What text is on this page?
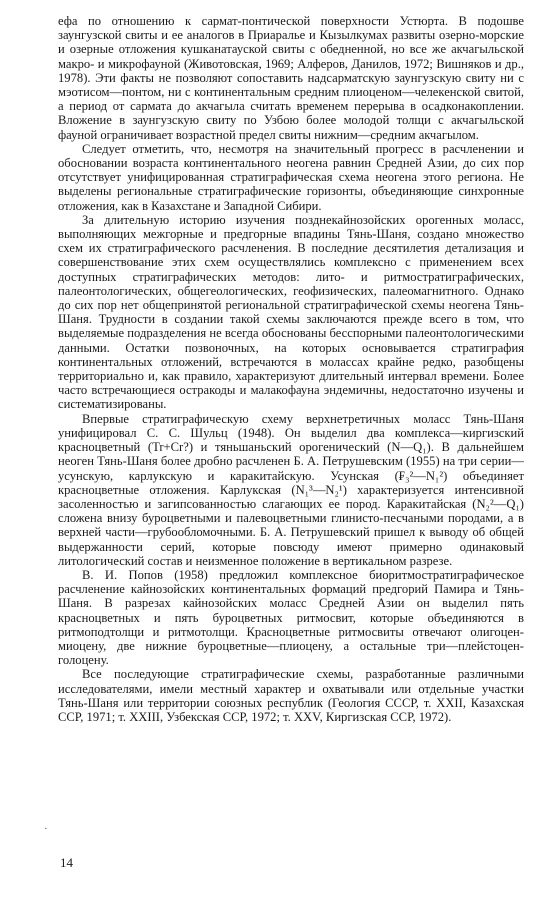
ефа по отношению к сармат-понтической поверхности Устюрта. В подошве заунгузской свиты и ее аналогов в Приаралье и Кызылкумах развиты озерно-морские и озерные отложения кушканатауской свиты с обедненной, но все же акчагыльской макро- и микрофауной (Животовская, 1969; Алферов, Данилов, 1972; Вишняков и др., 1978). Эти факты не позволяют сопоставить надсарматскую заунгузскую свиту ни с мэотисом—понтом, ни с континентальным средним плиоценом—челекенской свитой, а период от сармата до акчагыла считать временем перерыва в осадконакоплении. Вложение в заунгузскую свиту по Узбою более молодой толщи с акчагыльской фауной ограничивает возрастной предел свиты нижним—средним акчагылом.

Следует отметить, что, несмотря на значительный прогресс в расчленении и обосновании возраста континентального неогена равнин Средней Азии, до сих пор отсутствует унифицированная стратиграфическая схема неогена этого региона. Не выделены региональные стратиграфические горизонты, объединяющие синхронные отложения, как в Казахстане и Западной Сибири.

За длительную историю изучения позднекайнозойских орогенных моласс, выполняющих межгорные и предгорные впадины Тянь-Шаня, создано множество схем их стратиграфического расчленения. В последние десятилетия детализация и совершенствование этих схем осуществлялись комплексно с применением всех доступных стратиграфических методов: лито- и ритмостратиграфических, палеонтологических, общегеологических, геофизических, палеомагнитного. Однако до сих пор нет общепринятой региональной стратиграфической схемы неогена Тянь-Шаня. Трудности в создании такой схемы заключаются прежде всего в том, что выделяемые подразделения не всегда обоснованы бесспорными палеонтологическими данными. Остатки позвоночных, на которых основывается стратиграфия континентальных отложений, встречаются в молассах крайне редко, разобщены территориально и, как правило, характеризуют длительный интервал времени. Более часто встречающиеся остракоды и малакофауна эндемичны, недостаточно изучены и систематизированы.

Впервые стратиграфическую схему верхнетретичных моласс Тянь-Шаня унифицировал С. С. Шульц (1948). Он выделил два комплекса—киргизский красноцветный (Tr+Cr?) и тяньшаньский орогенический (N—Q₁). В дальнейшем неоген Тянь-Шаня более дробно расчленен Б. А. Петрушевским (1955) на три серии—усунскую, карлукскую и каракитайскую. Усунская (₣₃²—N₁²) объединяет красноцветные отложения. Карлукская (N₁³—N₂¹) характеризуется интенсивной засоленностью и загипсованностью слагающих ее пород. Каракитайская (N₂²—Q₁) сложена внизу буроцветными и палевоцветными глинисто-песчаными породами, а в верхней части—грубообломочными. Б. А. Петрушевский пришел к выводу об общей выдержанности серий, которые повсюду имеют примерно одинаковый литологический состав и неизменное положение в вертикальном разрезе.

В. И. Попов (1958) предложил комплексное биоритмостратиграфическое расчленение кайнозойских континентальных формаций предгорий Памира и Тянь-Шаня. В разрезах кайнозойских моласс Средней Азии он выделил пять красноцветных и пять буроцветных ритмосвит, которые объединяются в ритмоподтолщи и ритмотолщи. Красноцветные ритмосвиты отвечают олигоцен-миоцену, две нижние буроцветные—плиоцену, а остальные три—плейстоцен-голоцену.

Все последующие стратиграфические схемы, разработанные различными исследователями, имели местный характер и охватывали или отдельные участки Тянь-Шаня или территории союзных республик (Геология СССР, т. XXII, Казахская ССР, 1971; т. XXIII, Узбекская ССР, 1972; т. XXV, Киргизская ССР, 1972).

·
14
